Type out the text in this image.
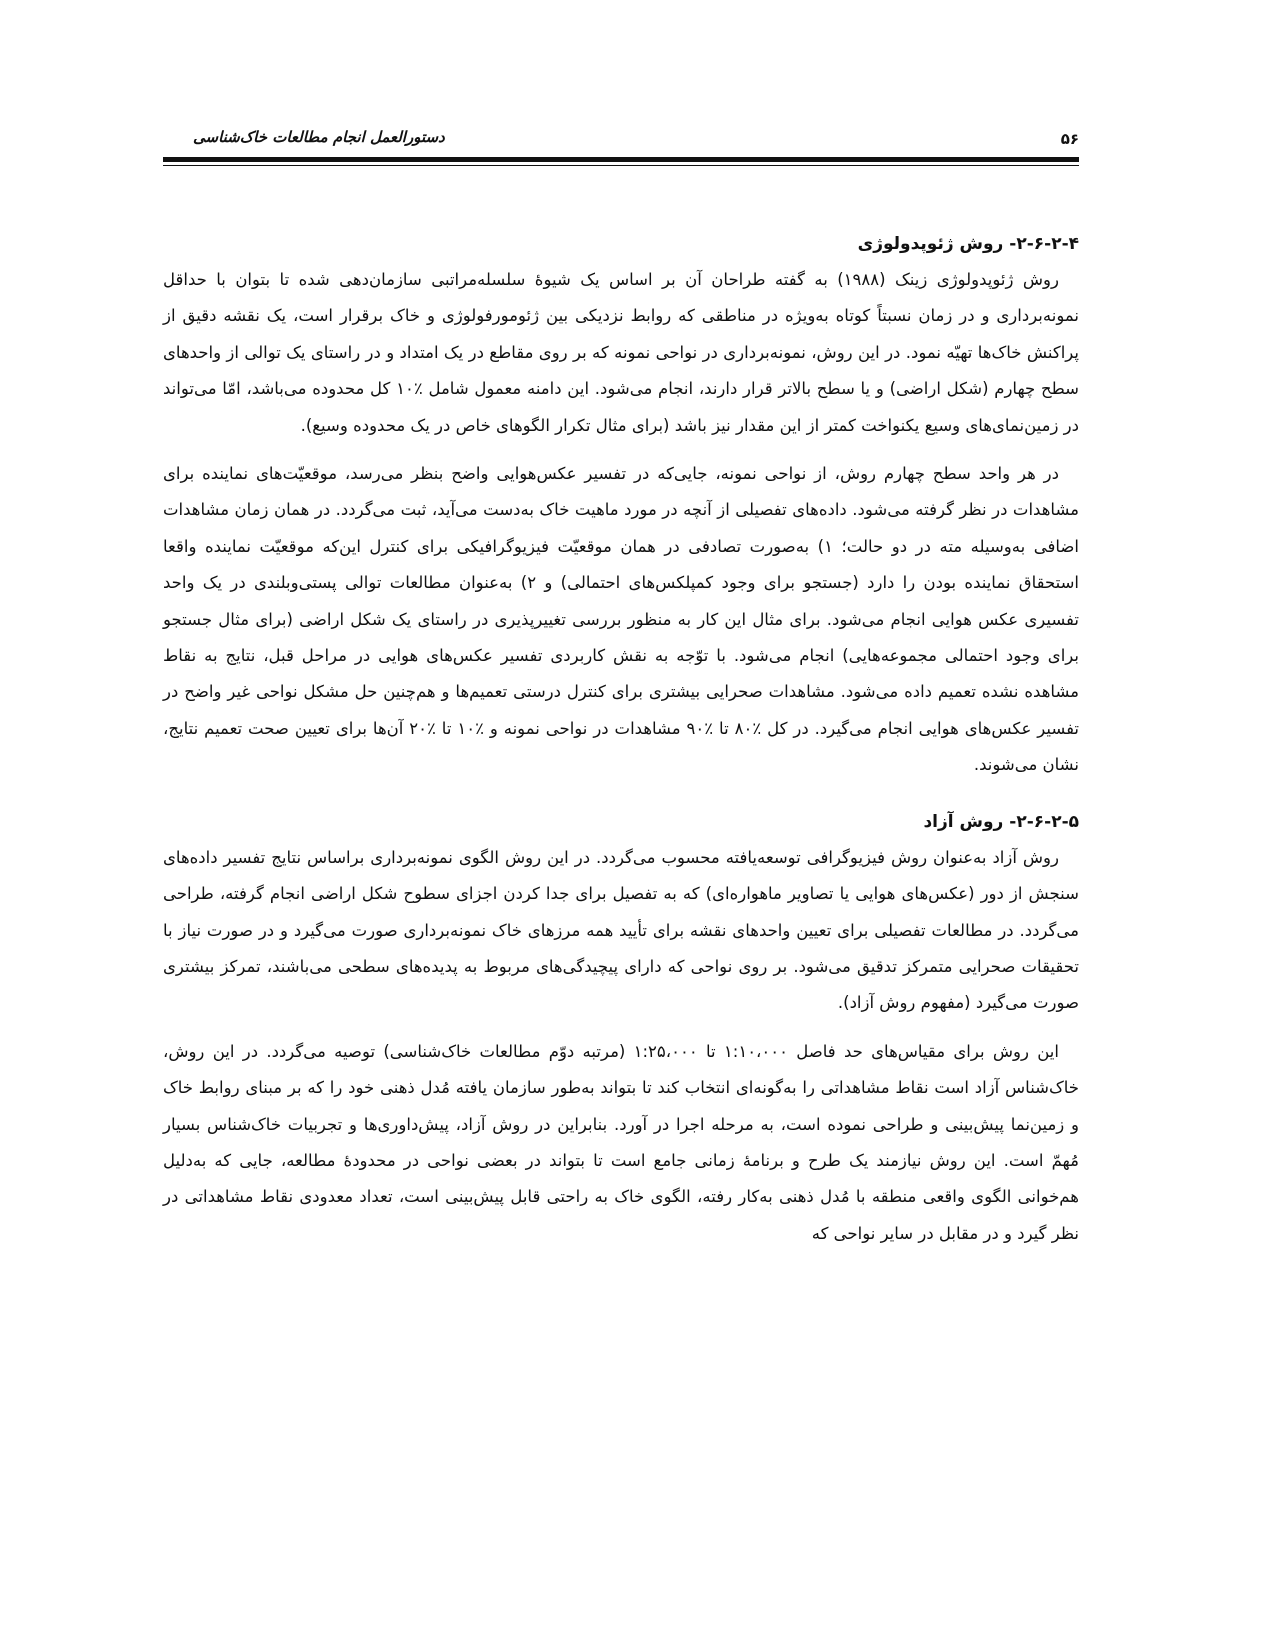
۵۶
دستورالعمل انجام مطالعات خاک‌شناسی
۲-۶-۲-۴- روش ژئوپدولوژی

روش ژئوپدولوژی زینک (۱۹۸۸) به گفته طراحان آن بر اساس یک شیوهٔ سلسله‌مراتبی سازمان‌دهی شده تا بتوان با حداقل نمونه‌برداری و در زمان نسبتاً کوتاه به‌ویژه در مناطقی که روابط نزدیکی بین ژئومورفولوژی و خاک برقرار است، یک نقشه دقیق از پراکنش خاک‌ها تهیّه نمود. در این روش، نمونه‌برداری در نواحی نمونه که بر روی مقاطع در یک امتداد و در راستای یک توالی از واحدهای سطح چهارم (شکل اراضی) و یا سطح بالاتر قرار دارند، انجام می‌شود. این دامنه معمول شامل ٪۱۰ کل محدوده می‌باشد، امّا می‌تواند در زمین‌نمای‌های وسیع یکنواخت کمتر از این مقدار نیز باشد (برای مثال تکرار الگوهای خاص در یک محدوده وسیع).

در هر واحد سطح چهارم روش، از نواحی نمونه، جایی‌که در تفسیر عکس‌هوایی واضح بنظر می‌رسد، موقعیّت‌های نماینده برای مشاهدات در نظر گرفته می‌شود. داده‌های تفصیلی از آنچه در مورد ماهیت خاک به‌دست می‌آید، ثبت می‌گردد. در همان زمان مشاهدات اضافی به‌وسیله مته در دو حالت؛ ۱) به‌صورت تصادفی در همان موقعیّت فیزیوگرافیکی برای کنترل این‌که موقعیّت نماینده واقعا استحقاق نماینده بودن را دارد (جستجو برای وجود کمپلکس‌های احتمالی) و ۲) به‌عنوان مطالعات توالی پستی‌وبلندی در یک واحد تفسیری عکس هوایی انجام می‌شود. برای مثال این کار به منظور بررسی تغییرپذیری در راستای یک شکل اراضی (برای مثال جستجو برای وجود احتمالی مجموعه‌هایی) انجام می‌شود. با توّجه به نقش کاربردی تفسیر عکس‌های هوایی در مراحل قبل، نتایج به نقاط مشاهده نشده تعمیم داده می‌شود. مشاهدات صحرایی بیشتری برای کنترل درستی تعمیم‌ها و هم‌چنین حل مشکل نواحی غیر واضح در تفسیر عکس‌های هوایی انجام می‌گیرد. در کل ٪۸۰ تا ٪۹۰ مشاهدات در نواحی نمونه و ٪۱۰ تا ٪۲۰ آن‌ها برای تعیین صحت تعمیم نتایج، نشان می‌شوند.

۲-۶-۲-۵- روش آزاد

روش آزاد به‌عنوان روش فیزیوگرافی توسعه‌یافته محسوب می‌گردد. در این روش الگوی نمونه‌برداری براساس نتایج تفسیر داده‌های سنجش از دور (عکس‌های هوایی یا تصاویر ماهواره‌ای) که به تفصیل برای جدا کردن اجزای سطوح شکل اراضی انجام گرفته، طراحی می‌گردد. در مطالعات تفصیلی برای تعیین واحدهای نقشه برای تأیید همه مرزهای خاک نمونه‌برداری صورت می‌گیرد و در صورت نیاز با تحقیقات صحرایی متمرکز تدقیق می‌شود. بر روی نواحی که دارای پیچیدگی‌های مربوط به پدیده‌های سطحی می‌باشند، تمرکز بیشتری صورت می‌گیرد (مفهوم روش آزاد).

این روش برای مقیاس‌های حد فاصل ۱:۱۰،۰۰۰ تا ۱:۲۵،۰۰۰ (مرتبه دوّم مطالعات خاک‌شناسی) توصیه می‌گردد. در این روش، خاک‌شناس آزاد است نقاط مشاهداتی را به‌گونه‌ای انتخاب کند تا بتواند به‌طور سازمان یافته مُدل ذهنی خود را که بر مبنای روابط خاک و زمین‌نما پیش‌بینی و طراحی نموده است، به مرحله اجرا در آورد. بنابراین در روش آزاد، پیش‌داوری‌ها و تجربیات خاک‌شناس بسیار مُهمّ است. این روش نیازمند یک طرح و برنامهٔ زمانی جامع است تا بتواند در بعضی نواحی در محدودهٔ مطالعه، جایی که به‌دلیل هم‌خوانی الگوی واقعی منطقه با مُدل ذهنی به‌کار رفته، الگوی خاک به راحتی قابل پیش‌بینی است، تعداد معدودی نقاط مشاهداتی در نظر گیرد و در مقابل در سایر نواحی که
